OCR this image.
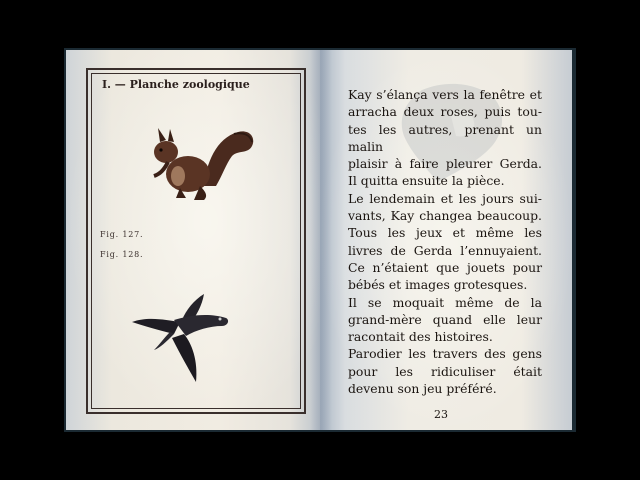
I. — Planche zoologique
Fig. 127.
Fig. 128.
Kay s’élança vers la fenêtre et
arracha deux roses, puis tou-
tes les autres, prenant un malin
plaisir à faire pleurer Gerda.
Il quitta ensuite la pièce.
Le lendemain et les jours sui-
vants, Kay changea beaucoup.
Tous les jeux et même les
livres de Gerda l’ennuyaient.
Ce n’étaient que jouets pour
bébés et images grotesques.
Il se moquait même de la
grand-mère quand elle leur
racontait des histoires.
Parodier les travers des gens
pour les ridiculiser était
devenu son jeu préféré.
23
